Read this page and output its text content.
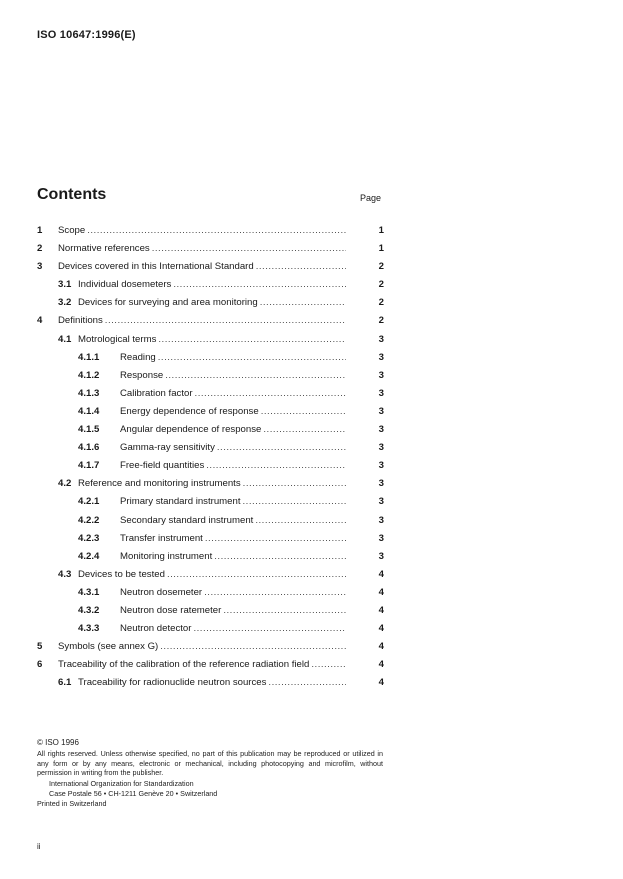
ISO 10647:1996(E)
Contents	Page
1 Scope .....	1
2 Normative references .....	1
3 Devices covered in this International Standard .....	2
3.1 Individual dosemeters .....	2
3.2 Devices for surveying and area monitoring .....	2
4 Definitions .....	2
4.1 Motrological terms .....	3
4.1.1 Reading .....	3
4.1.2 Response .....	3
4.1.3 Calibration factor .....	3
4.1.4 Energy dependence of response .....	3
4.1.5 Angular dependence of response .....	3
4.1.6 Gamma-ray sensitivity .....	3
4.1.7 Free-field quantities .....	3
4.2 Reference and monitoring instruments .....	3
4.2.1 Primary standard instrument .....	3
4.2.2 Secondary standard instrument .....	3
4.2.3 Transfer instrument .....	3
4.2.4 Monitoring instrument .....	3
4.3 Devices to be tested .....	4
4.3.1 Neutron dosemeter .....	4
4.3.2 Neutron dose ratemeter .....	4
4.3.3 Neutron detector .....	4
5 Symbols (see annex G) .....	4
6 Traceability of the calibration of the reference radiation field .....	4
6.1 Traceability for radionuclide neutron sources .....	4
© ISO 1996
All rights reserved. Unless otherwise specified, no part of this publication may be reproduced or utilized in any form or by any means, electronic or mechanical, including photocopying and microfilm, without permission in writing from the publisher.
International Organization for Standardization
Case Postale 56 • CH-1211 Genève 20 • Switzerland
Printed in Switzerland
ii
